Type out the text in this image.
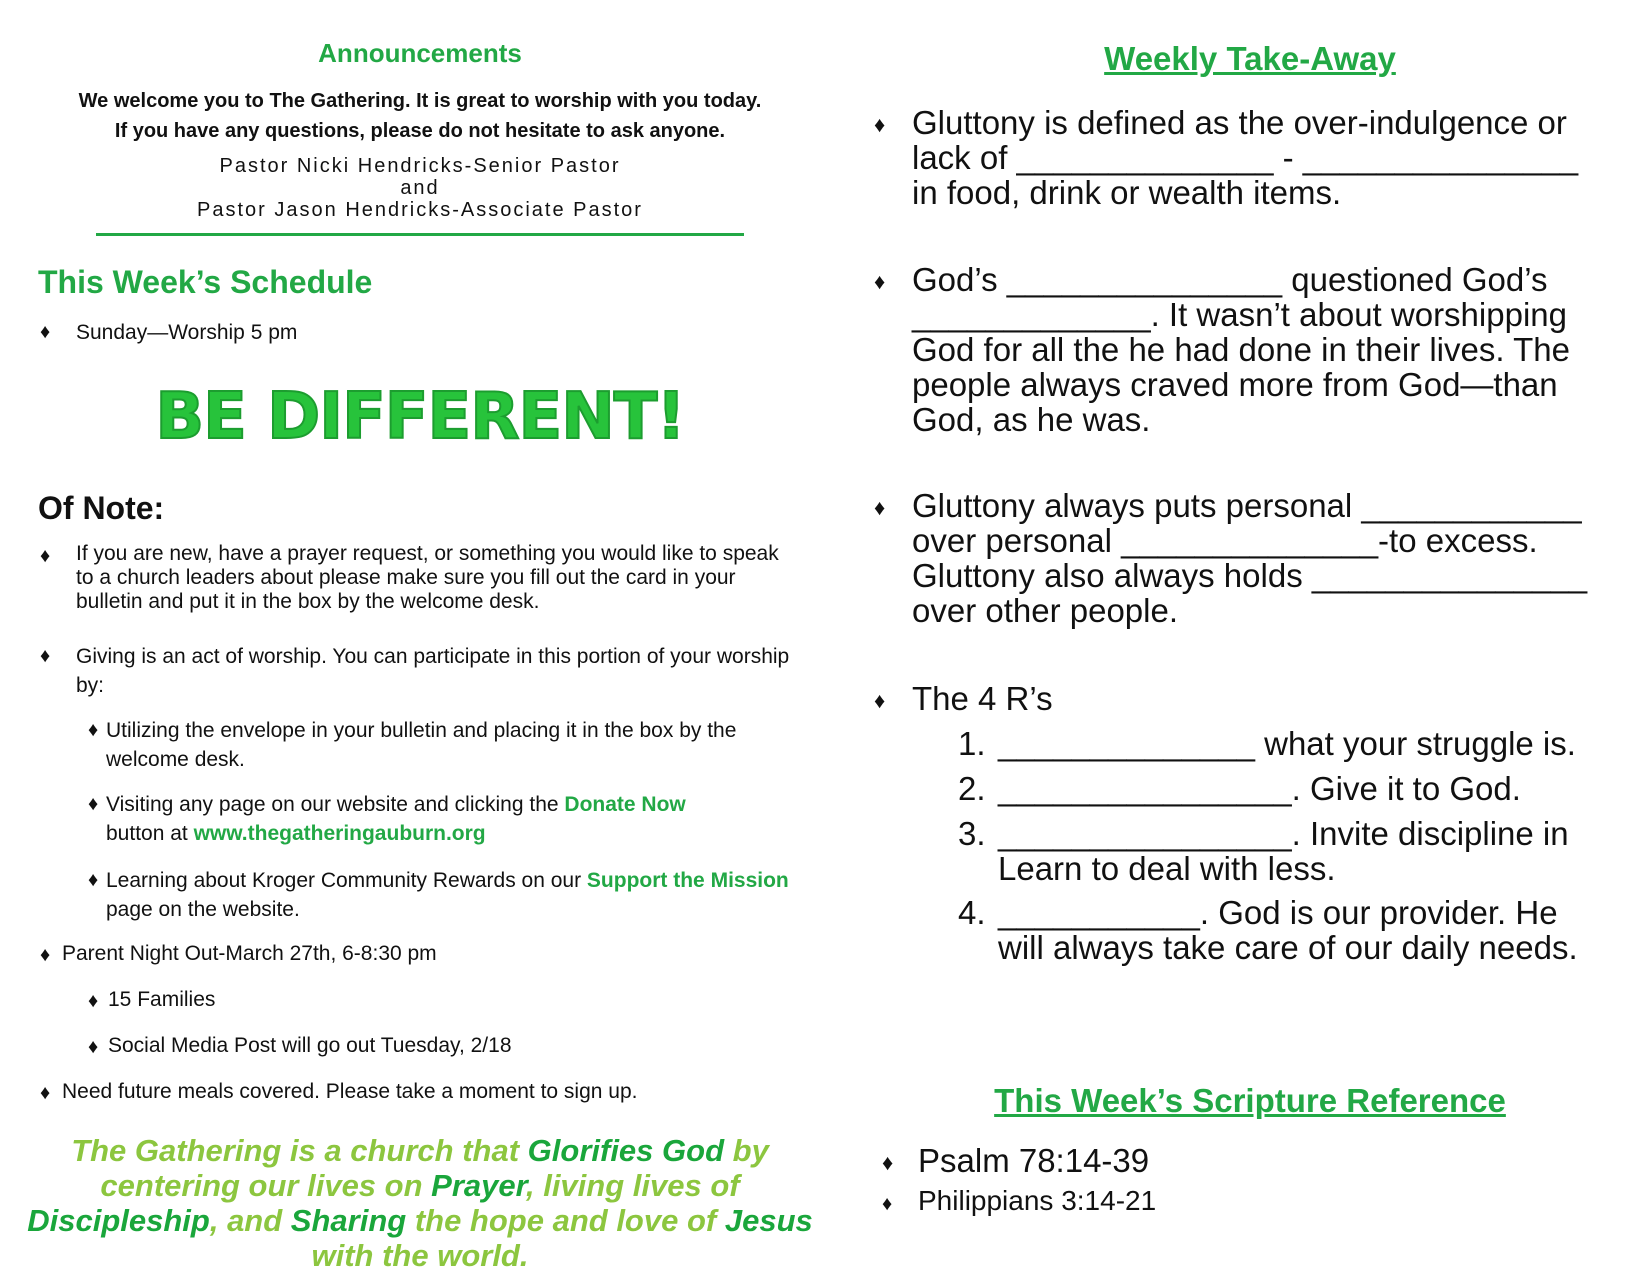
Announcements
We welcome you to The Gathering. It is great to worship with you today.
If you have any questions, please do not hesitate to ask anyone.
Pastor Nicki Hendricks-Senior Pastor
and
Pastor Jason Hendricks-Associate Pastor
This Week’s Schedule
♦ Sunday—Worship 5 pm
BE DIFFERENT!
Of Note:
♦ If you are new, have a prayer request, or something you would like to speak to a church leaders about please make sure you fill out the card in your bulletin and put it in the box by the welcome desk.
♦ Giving is an act of worship. You can participate in this portion of your worship by:
♦ Utilizing the envelope in your bulletin and placing it in the box by the welcome desk.
♦ Visiting any page on our website and clicking the Donate Now
button at www.thegatheringauburn.org
♦ Learning about Kroger Community Rewards on our Support the Mission page on the website.
♦ Parent Night Out-March 27th, 6-8:30 pm
♦ 15 Families
♦ Social Media Post will go out Tuesday, 2/18
♦ Need future meals covered. Please take a moment to sign up.
The Gathering is a church that Glorifies God by centering our lives on Prayer, living lives of Discipleship, and Sharing the hope and love of Jesus with the world.
Weekly Take-Away
♦ Gluttony is defined as the over-indulgence or
lack of ______________ - _______________
in food, drink or wealth items.
♦ God’s _______________ questioned God’s
_____________. It wasn’t about worshipping
God for all the he had done in their lives. The
people always craved more from God—than
God, as he was.
♦ Gluttony always puts personal ____________
over personal ______________-to excess.
Gluttony also always holds _______________
over other people.
♦ The 4 R’s
1. ______________ what your struggle is.
2. ________________. Give it to God.
3. ________________. Invite discipline in
Learn to deal with less.
4. ___________. God is our provider. He
will always take care of our daily needs.
This Week’s Scripture Reference
♦ Psalm 78:14-39
♦ Philippians 3:14-21
